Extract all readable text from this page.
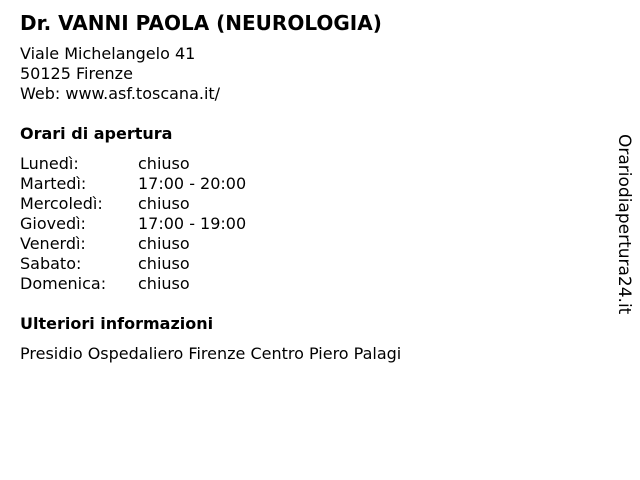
Dr. VANNI PAOLA (NEUROLOGIA)
Viale Michelangelo 41
50125 Firenze
Web: www.asf.toscana.it/
Orari di apertura
Lunedì:	chiuso
Martedì:	17:00 - 20:00
Mercoledì: chiuso
Giovedì:	17:00 - 19:00
Venerdì:	chiuso
Sabato:	chiuso
Domenica: chiuso
Ulteriori informazioni
Presidio Ospedaliero Firenze Centro Piero Palagi
Orariodiapertura24.it
